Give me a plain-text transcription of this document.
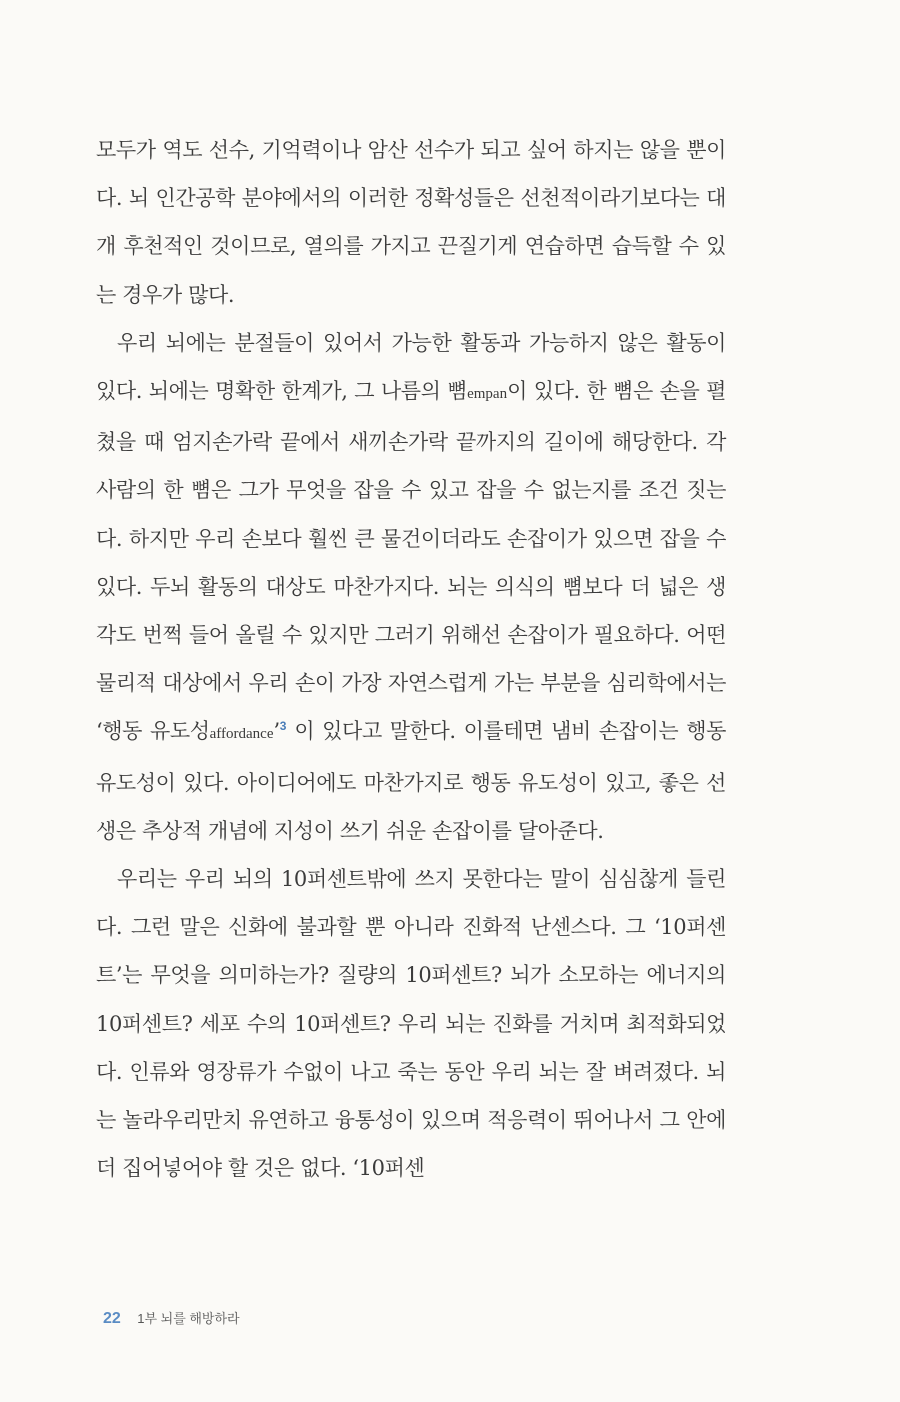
모두가 역도 선수, 기억력이나 암산 선수가 되고 싶어 하지는 않을 뿐이다. 뇌 인간공학 분야에서의 이러한 정확성들은 선천적이라기보다는 대개 후천적인 것이므로, 열의를 가지고 끈질기게 연습하면 습득할 수 있는 경우가 많다.

우리 뇌에는 분절들이 있어서 가능한 활동과 가능하지 않은 활동이 있다. 뇌에는 명확한 한계가, 그 나름의 뼘empan이 있다. 한 뼘은 손을 펼쳤을 때 엄지손가락 끝에서 새끼손가락 끝까지의 길이에 해당한다. 각 사람의 한 뼘은 그가 무엇을 잡을 수 있고 잡을 수 없는지를 조건 짓는다. 하지만 우리 손보다 훨씬 큰 물건이더라도 손잡이가 있으면 잡을 수 있다. 두뇌 활동의 대상도 마찬가지다. 뇌는 의식의 뼘보다 더 넓은 생각도 번쩍 들어 올릴 수 있지만 그러기 위해선 손잡이가 필요하다. 어떤 물리적 대상에서 우리 손이 가장 자연스럽게 가는 부분을 심리학에서는 ‘행동 유도성affordance’$^3$ 이 있다고 말한다. 이를테면 냄비 손잡이는 행동 유도성이 있다. 아이디어에도 마찬가지로 행동 유도성이 있고, 좋은 선생은 추상적 개념에 지성이 쓰기 쉬운 손잡이를 달아준다.

우리는 우리 뇌의 10퍼센트밖에 쓰지 못한다는 말이 심심찮게 들린다. 그런 말은 신화에 불과할 뿐 아니라 진화적 난센스다. 그 ‘10퍼센트’는 무엇을 의미하는가? 질량의 10퍼센트? 뇌가 소모하는 에너지의 10퍼센트? 세포 수의 10퍼센트? 우리 뇌는 진화를 거치며 최적화되었다. 인류와 영장류가 수없이 나고 죽는 동안 우리 뇌는 잘 벼려졌다. 뇌는 놀라우리만치 유연하고 융통성이 있으며 적응력이 뛰어나서 그 안에 더 집어넣어야 할 것은 없다. ‘10퍼센

22 1부 뇌를 해방하라
